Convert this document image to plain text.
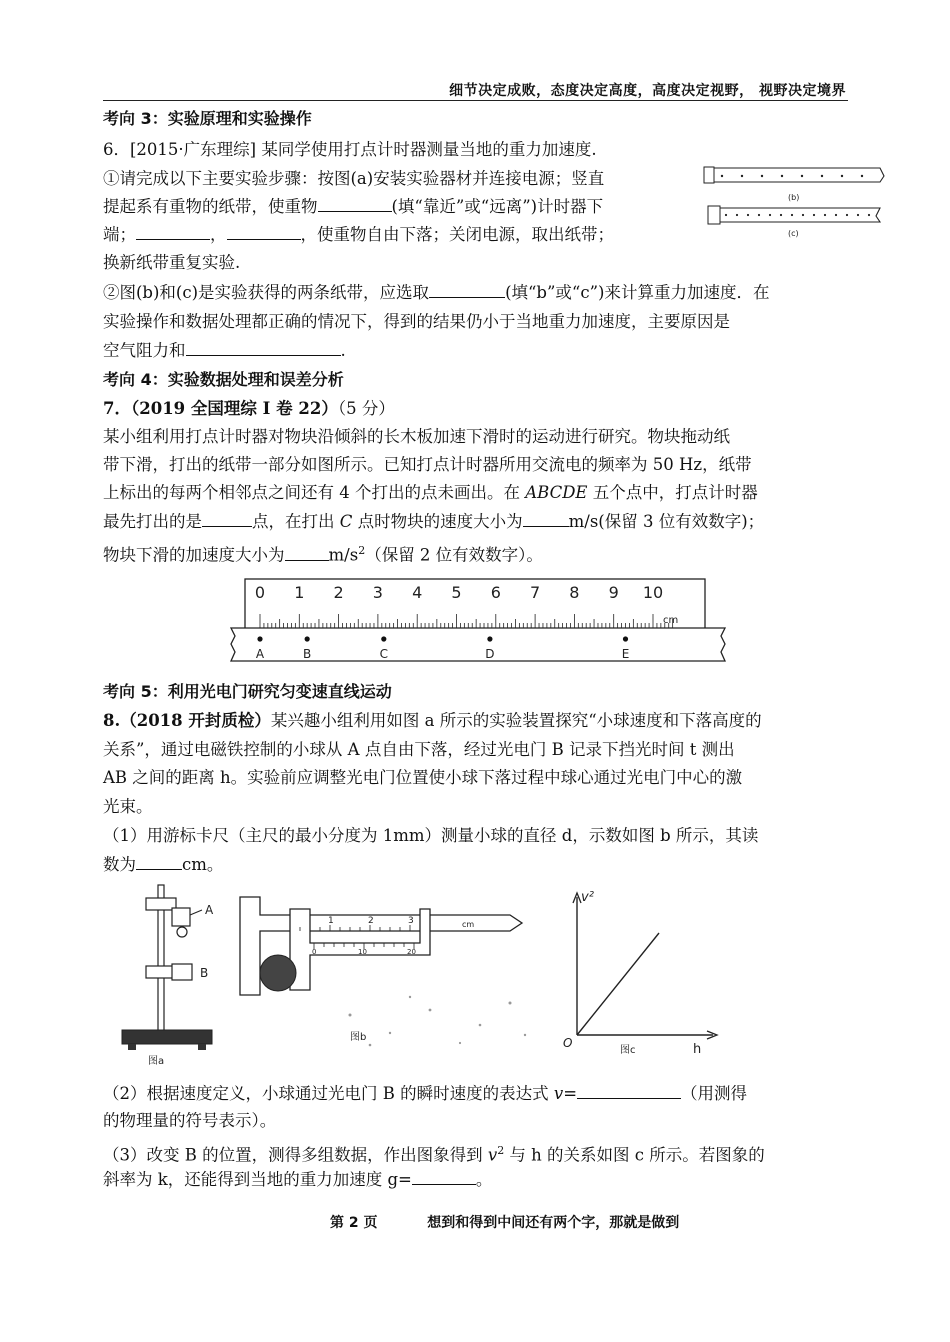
细节决定成败，态度决定高度，高度决定视野， 视野决定境界
考向 3：实验原理和实验操作
6．[2015·广东理综] 某同学使用打点计时器测量当地的重力加速度.
①请完成以下主要实验步骤：按图(a)安装实验器材并连接电源；竖直
提起系有重物的纸带，使重物	(填“靠近”或“远离”)计时器下
端；	，	，使重物自由下落；关闭电源，取出纸带；
换新纸带重复实验.
②图(b)和(c)是实验获得的两条纸带，应选取	(填“b”或“c”)来计算重力加速度．在
实验操作和数据处理都正确的情况下，得到的结果仍小于当地重力加速度，主要原因是
空气阻力和	.
(b)
(c)
考向 4：实验数据处理和误差分析
7．（2019 全国理综 I 卷 22）（5 分）
某小组利用打点计时器对物块沿倾斜的长木板加速下滑时的运动进行研究。物块拖动纸
带下滑，打出的纸带一部分如图所示。已知打点计时器所用交流电的频率为 50 Hz，纸带
上标出的每两个相邻点之间还有 4 个打出的点未画出。在 ABCDE 五个点中，打点计时器
最先打出的是	点，在打出 C 点时物块的速度大小为	m/s(保留 3 位有效数字)；
物块下滑的加速度大小为	$m/s^2$（保留 2 位有效数字）。
0 1 2 3 4 5 6 7 8 9 10
cm
A	B	C	D	E
考向 5：利用光电门研究匀变速直线运动
8.（2018 开封质检）某兴趣小组利用如图 a 所示的实验装置探究“小球速度和下落高度的
关系”，通过电磁铁控制的小球从 A 点自由下落，经过光电门 B 记录下挡光时间 t 测出
AB 之间的距离 h。实验前应调整光电门位置使小球下落过程中球心通过光电门中心的激
光束。
（1）用游标卡尺（主尺的最小分度为 1mm）测量小球的直径 d，示数如图 b 所示，其读
数为	cm。
A
B
图a
1	2	3	cm
0	10	20
图b
v²
h
O
图c
（2）根据速度定义，小球通过光电门 B 的瞬时速度的表达式 v=	（用测得
的物理量的符号表示）。
（3）改变 B 的位置，测得多组数据，作出图象得到 $v^2$ 与 h 的关系如图 c 所示。若图象的
斜率为 k，还能得到当地的重力加速度 g=	。
第 2 页	想到和得到中间还有两个字，那就是做到
